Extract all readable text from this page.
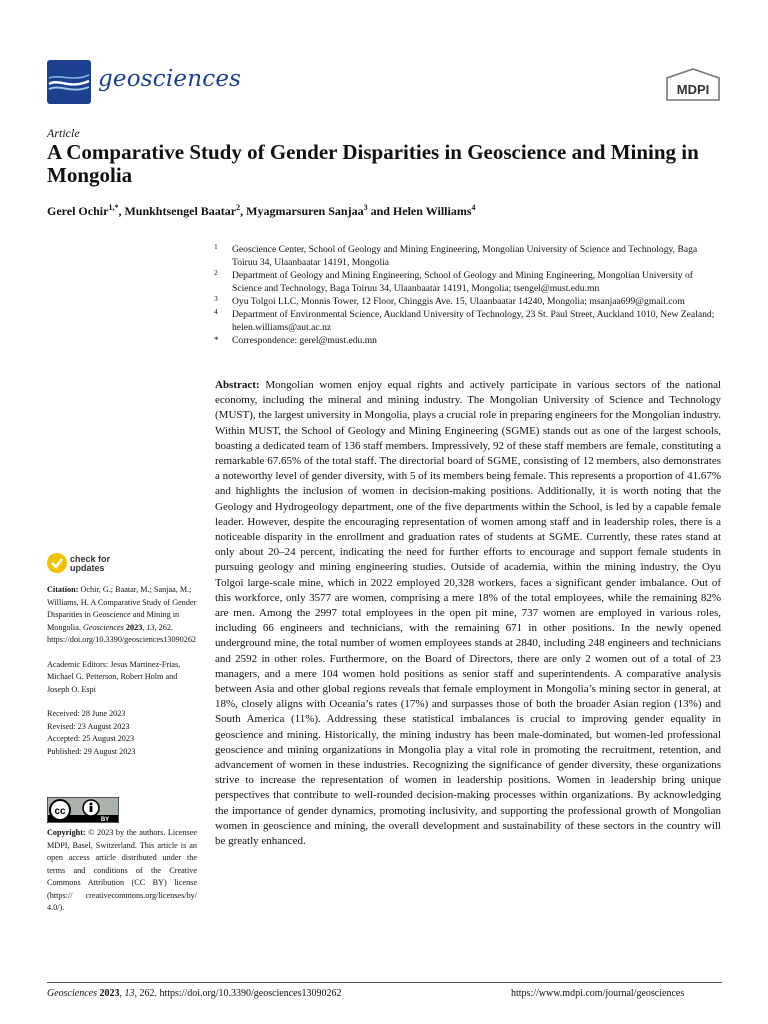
geosciences	MDPI
Article
A Comparative Study of Gender Disparities in Geoscience and Mining in Mongolia
Gerel Ochir$^{1,*}$, Munkhtsengel Baatar$^2$, Myagmarsuren Sanjaa$^3$ and Helen Williams$^4$

1 Geoscience Center, School of Geology and Mining Engineering, Mongolian University of Science and Technology, Baga Toiruu 34, Ulaanbaatar 14191, Mongolia

2 Department of Geology and Mining Engineering, School of Geology and Mining Engineering, Mongolian University of Science and Technology, Baga Toiruu 34, Ulaanbaatar 14191, Mongolia; tsengel@must.edu.mn

3 Oyu Tolgoi LLC, Monnis Tower, 12 Floor, Chinggis Ave. 15, Ulaanbaatar 14240, Mongolia; msanjaa699@gmail.com

4 Department of Environmental Science, Auckland University of Technology, 23 St. Paul Street, Auckland 1010, New Zealand; helen.williams@aut.ac.nz

* Correspondence: gerel@must.edu.mn

Abstract: Mongolian women enjoy equal rights and actively participate in various sectors of the national economy, including the mineral and mining industry. The Mongolian University of Science and Technology (MUST), the largest university in Mongolia, plays a crucial role in preparing engineers for the Mongolian industry. Within MUST, the School of Geology and Mining Engineering (SGME) stands out as one of the largest schools, boasting a dedicated team of 136 staff members. Impressively, 92 of these staff members are female, constituting a remarkable 67.65% of the total staff. The directorial board of SGME, consisting of 12 members, also demonstrates a noteworthy level of gender diversity, with 5 of its members being female. This represents a proportion of 41.67% and highlights the inclusion of women in decision-making positions. Additionally, it is worth noting that the Geology and Hydrogeology department, one of the five departments within the School, is led by a capable female leader. However, despite the encouraging representation of women among staff and in leadership roles, there is a noticeable disparity in the enrollment and graduation rates of students at SGME. Currently, these rates stand at only about 20–24 percent, indicating the need for further efforts to encourage and support female students in pursuing geology and mining engineering studies. Outside of academia, within the mining industry, the Oyu Tolgoi large-scale mine, which in 2022 employed 20,328 workers, faces a significant gender imbalance. Out of this workforce, only 3577 are women, comprising a mere 18% of the total employees, while the remaining 82% are men. Among the 2997 total employees in the open pit mine, 737 women are employed in various roles, including 66 engineers and technicians, with the remaining 671 in other positions. In the newly opened underground mine, the total number of women employees stands at 2840, including 248 engineers and technicians and 2592 in other roles. Furthermore, on the Board of Directors, there are only 2 women out of a total of 23 managers, and a mere 104 women hold positions as senior staff and superintendents. A comparative analysis between Asia and other global regions reveals that female employment in Mongolia’s mining sector in general, at 18%, closely aligns with Oceania’s rates (17%) and surpasses those of both the broader Asian region (13%) and South America (11%). Addressing these statistical imbalances is crucial to improving gender equality in geoscience and mining. Historically, the mining industry has been male-dominated, but women-led professional geoscience and mining organizations in Mongolia play a vital role in promoting the recruitment, retention, and advancement of women in these industries. Recognizing the significance of gender diversity, these organizations strive to increase the representation of women in leadership positions. Women in leadership bring unique perspectives that contribute to well-rounded decision-making processes within organizations. By acknowledging the importance of gender dynamics, promoting inclusivity, and supporting the professional growth of Mongolian women in geoscience and mining, the overall development and sustainability of these sectors in the country will be greatly enhanced.
check for
updates

Citation: Ochir, G.; Baatar, M.; Sanjaa, M.; Williams, H. A Comparative Study of Gender Disparities in Geoscience and Mining in Mongolia. Geosciences 2023, 13, 262. https://doi.org/10.3390/geosciences13090262

Academic Editors: Jesus Martinez-Frias, Michael G. Petterson, Robert Holm and Joseph O. Espi

Received: 28 June 2023

Revised: 23 August 2023

Accepted: 25 August 2023

Published: 29 August 2023

cc
BY
Copyright: © 2023 by the authors. Licensee MDPI, Basel, Switzerland. This article is an open access article distributed under the terms and conditions of the Creative Commons Attribution (CC BY) license (https:// creativecommons.org/licenses/by/ 4.0/).
Geosciences 2023, 13, 262. https://doi.org/10.3390/geosciences13090262	https://www.mdpi.com/journal/geosciences
